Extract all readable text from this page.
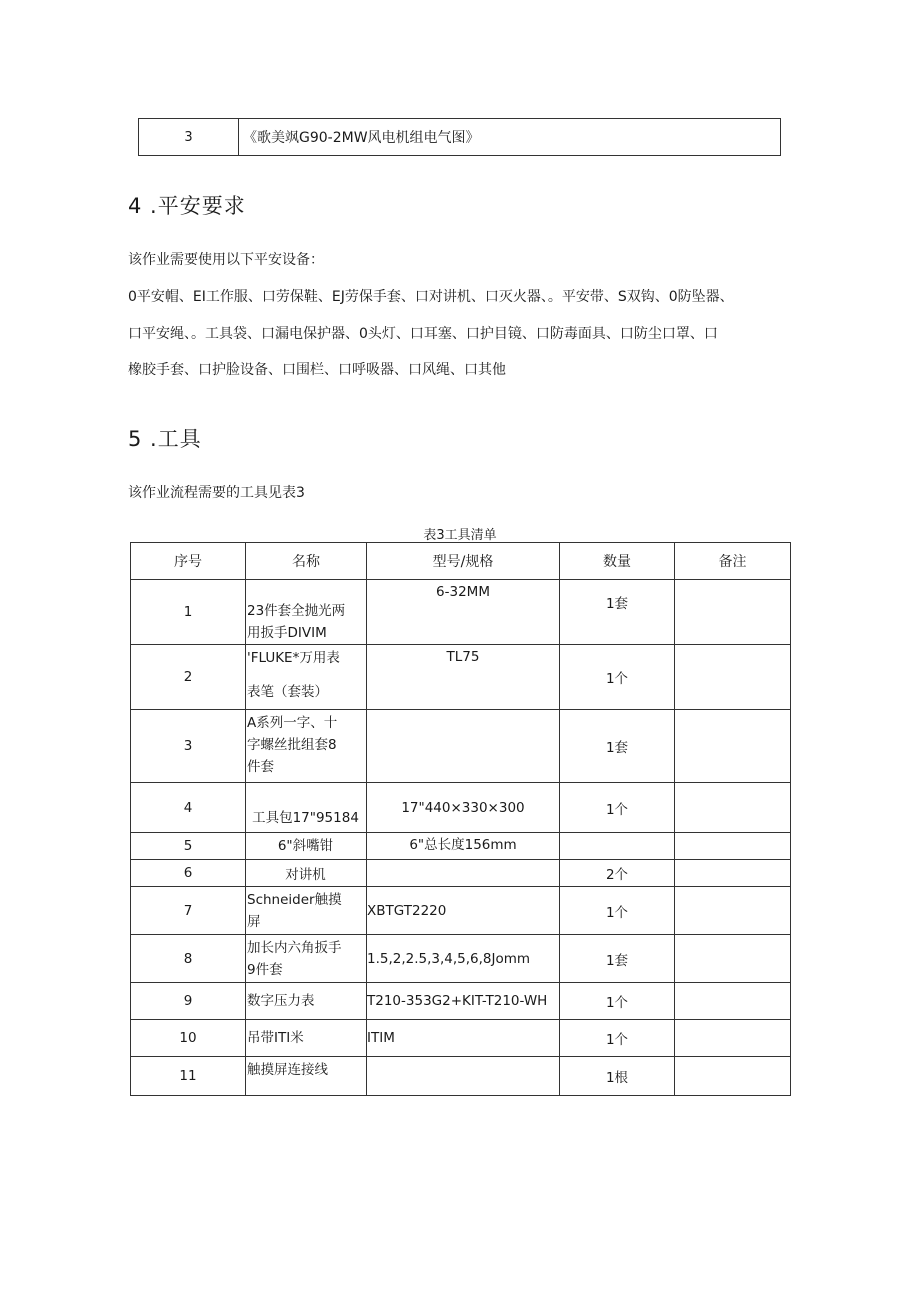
3	《歌美飒G90-2MW风电机组电气图》
4 .平安要求

该作业需要使用以下平安设备：

0平安帽、EI工作服、口劳保鞋、EJ劳保手套、口对讲机、口灭火器、。平安带、S双钩、0防坠器、

口平安绳、。工具袋、口漏电保护器、0头灯、口耳塞、口护目镜、口防毒面具、口防尘口罩、口

橡胶手套、口护脸设备、口围栏、口呼吸器、口风绳、口其他

5 .工具

该作业流程需要的工具见表3

表3工具清单
序号	名称	型号/规格	数量	备注
1	23件套全抛光两
用扳手DIVIM	6-32MM	1套	
2	'FLUKE*万用表
表笔（套装）	TL75	1个	
3	A系列一字、十
字螺丝批组套8
件套		1套	
4	工具包17"95184	17"440×330×300	1个	
5	6"斜嘴钳	6"总长度156mm		
6	对讲机		2个	
7	Schneider触摸
屏	XBTGT2220	1个	
8	加长内六角扳手
9件套	1.5,2,2.5,3,4,5,6,8Jomm	1套	
9	数字压力表	T210-353G2+KIT-T210-WH	1个	
10	吊带ITI米	ITIM	1个	
11	触摸屏连接线		1根	
